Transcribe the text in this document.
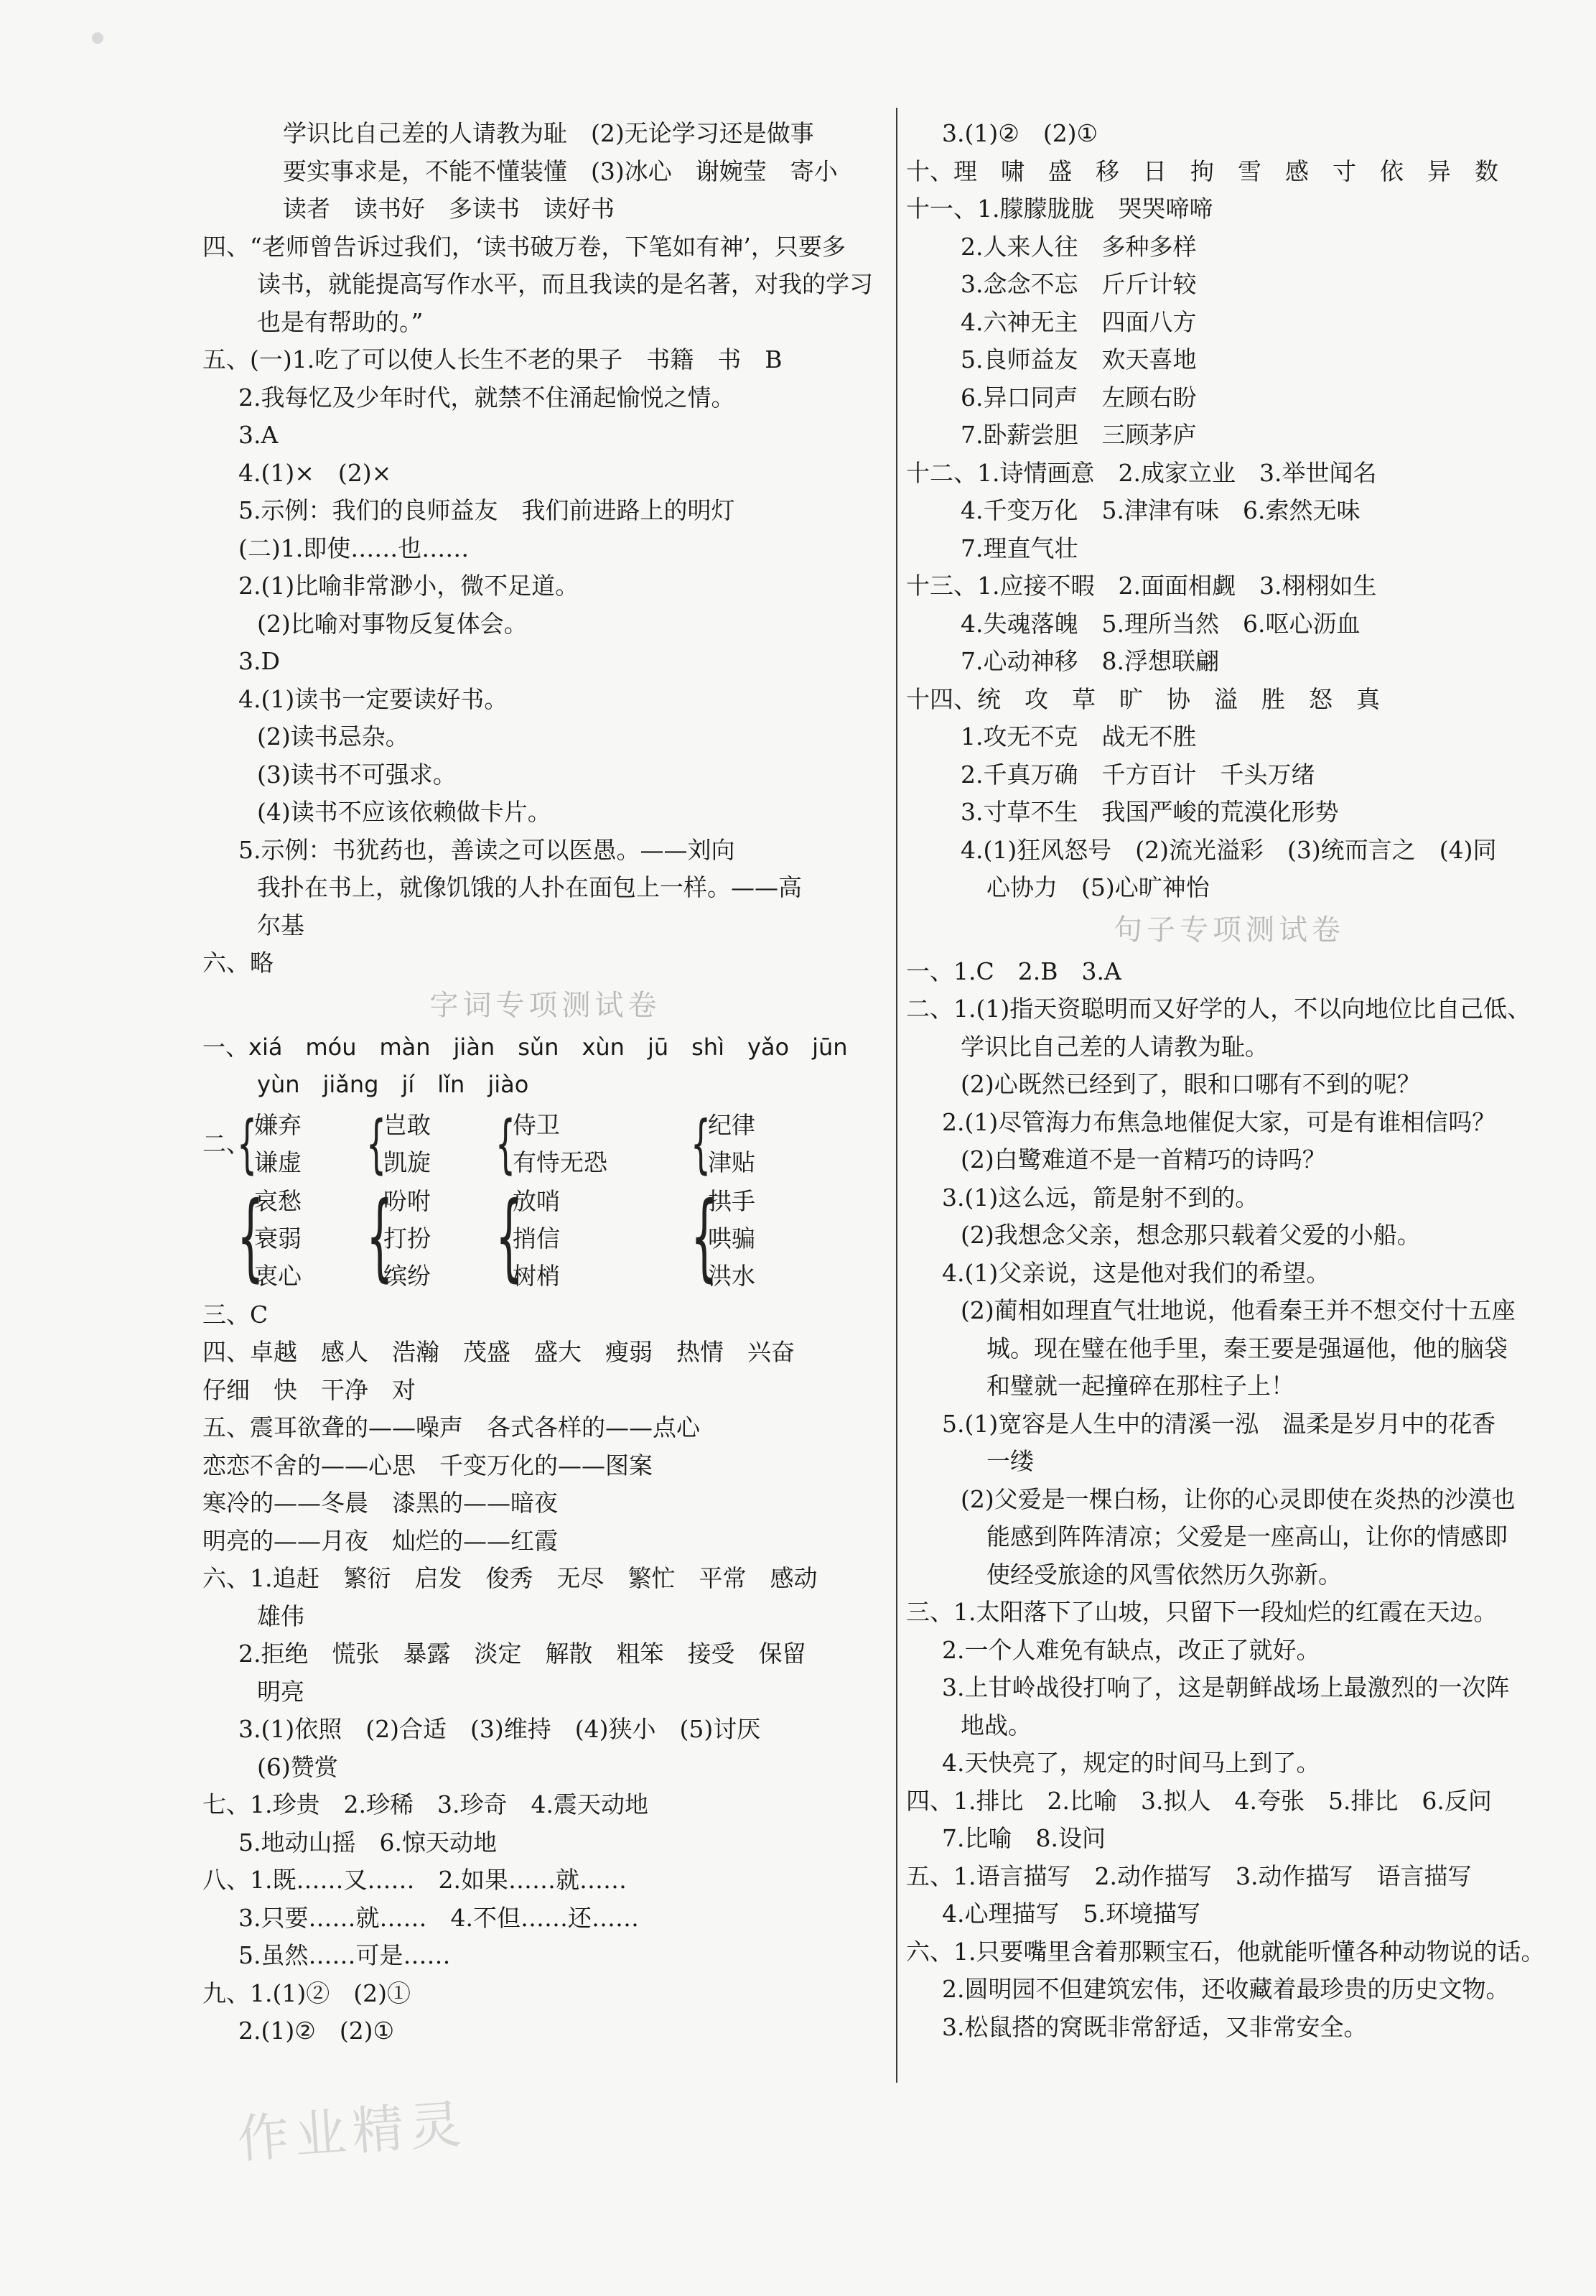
学识比自己差的人请教为耻　(2)无论学习还是做事
要实事求是，不能不懂装懂　(3)冰心　谢婉莹　寄小
读者　读书好　多读书　读好书
四、“老师曾告诉过我们，‘读书破万卷，下笔如有神’，只要多
读书，就能提高写作水平，而且我读的是名著，对我的学习
也是有帮助的。”
五、(一)1.吃了可以使人长生不老的果子　书籍　书　B
2.我每忆及少年时代，就禁不住涌起愉悦之情。
3.A
4.(1)×　(2)×
5.示例：我们的良师益友　我们前进路上的明灯
(二)1.即使……也……
2.(1)比喻非常渺小，微不足道。
(2)比喻对事物反复体会。
3.D
4.(1)读书一定要读好书。
(2)读书忌杂。
(3)读书不可强求。
(4)读书不应该依赖做卡片。
5.示例：书犹药也，善读之可以医愚。——刘向
我扑在书上，就像饥饿的人扑在面包上一样。——高
尔基
六、略
字词专项测试卷
一、xiá　móu　màn　jiàn　sǔn　xùn　jū　shì　yǎo　jūn
yùn　jiǎng　jí　lǐn　jiào
二、
{
嫌弃
谦虚 {
岂敢
凯旋 {
侍卫
有恃无恐 {
纪律
津贴
{
哀愁
衰弱
衷心 {
吩咐
打扮
缤纷 {
放哨
捎信
树梢 {
拱手
哄骗
洪水
三、C
四、卓越　感人　浩瀚　茂盛　盛大　瘦弱　热情　兴奋
仔细　快　干净　对
五、震耳欲聋的——噪声　各式各样的——点心
恋恋不舍的——心思　千变万化的——图案
寒冷的——冬晨　漆黑的——暗夜
明亮的——月夜　灿烂的——红霞
六、1.追赶　繁衍　启发　俊秀　无尽　繁忙　平常　感动
雄伟
2.拒绝　慌张　暴露　淡定　解散　粗笨　接受　保留
明亮
3.(1)依照　(2)合适　(3)维持　(4)狭小　(5)讨厌
(6)赞赏
七、1.珍贵　2.珍稀　3.珍奇　4.震天动地
5.地动山摇　6.惊天动地
八、1.既……又……　2.如果……就……
3.只要……就……　4.不但……还……
5.虽然……可是……
九、1.(1)②　(2)①
2.(1)②　(2)①
3.(1)②　(2)①
十、理　啸　盛　移　日　拘　雪　感　寸　依　异　数
十一、1.朦朦胧胧　哭哭啼啼
2.人来人往　多种多样
3.念念不忘　斤斤计较
4.六神无主　四面八方
5.良师益友　欢天喜地
6.异口同声　左顾右盼
7.卧薪尝胆　三顾茅庐
十二、1.诗情画意　2.成家立业　3.举世闻名
4.千变万化　5.津津有味　6.索然无味
7.理直气壮
十三、1.应接不暇　2.面面相觑　3.栩栩如生
4.失魂落魄　5.理所当然　6.呕心沥血
7.心动神移　8.浮想联翩
十四、统　攻　草　旷　协　溢　胜　怒　真
1.攻无不克　战无不胜
2.千真万确　千方百计　千头万绪
3.寸草不生　我国严峻的荒漠化形势
4.(1)狂风怒号　(2)流光溢彩　(3)统而言之　(4)同
心协力　(5)心旷神怡
句子专项测试卷
一、1.C　2.B　3.A
二、1.(1)指天资聪明而又好学的人，不以向地位比自己低、
学识比自己差的人请教为耻。
(2)心既然已经到了，眼和口哪有不到的呢？
2.(1)尽管海力布焦急地催促大家，可是有谁相信吗？
(2)白鹭难道不是一首精巧的诗吗？
3.(1)这么远，箭是射不到的。
(2)我想念父亲，想念那只载着父爱的小船。
4.(1)父亲说，这是他对我们的希望。
(2)蔺相如理直气壮地说，他看秦王并不想交付十五座
城。现在璧在他手里，秦王要是强逼他，他的脑袋
和璧就一起撞碎在那柱子上！
5.(1)宽容是人生中的清溪一泓　温柔是岁月中的花香
一缕
(2)父爱是一棵白杨，让你的心灵即使在炎热的沙漠也
能感到阵阵清凉；父爱是一座高山，让你的情感即
使经受旅途的风雪依然历久弥新。
三、1.太阳落下了山坡，只留下一段灿烂的红霞在天边。
2.一个人难免有缺点，改正了就好。
3.上甘岭战役打响了，这是朝鲜战场上最激烈的一次阵
地战。
4.天快亮了，规定的时间马上到了。
四、1.排比　2.比喻　3.拟人　4.夸张　5.排比　6.反问
7.比喻　8.设问
五、1.语言描写　2.动作描写　3.动作描写　语言描写
4.心理描写　5.环境描写
六、1.只要嘴里含着那颗宝石，他就能听懂各种动物说的话。
2.圆明园不但建筑宏伟，还收藏着最珍贵的历史文物。
3.松鼠搭的窝既非常舒适，又非常安全。
作业精灵
